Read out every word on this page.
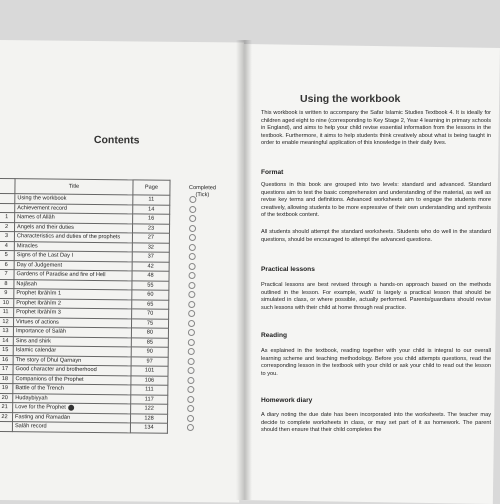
Contents
Completed
(Tick)
	Title	Page	
	Using the workbook	11	
	Achievement record	14	
1	Names of Allāh	16	
2	Angels and their duties	23	
3	Characteristics and duties of the prophets	27	
4	Miracles	32	
5	Signs of the Last Day I	37	
6	Day of Judgement	42	
7	Gardens of Paradise and fire of Hell	48	
8	Najāsah	55	
9	Prophet Ibrāhīm 1	60	
10	Prophet Ibrāhīm 2	65	
11	Prophet Ibrāhīm 3	70	
12	Virtues of actions	75	
13	Importance of Salāh	80	
14	Sins and shirk	85	
15	Islamic calendar	90	
16	The story of Dhul Qarnayn	97	
17	Good character and brotherhood	101	
18	Companions of the Prophet	106	
19	Battle of the Trench	111	
20	Hudaybiyyah	117	
21	Love for the Prophet	122	
22	Fasting and Ramadān	128	
	Salāh record	134	
Using the workbook
This workbook is written to accompany the Safar Islamic Studies Textbook 4. It is ideally for children aged eight to nine (corresponding to Key Stage 2, Year 4 learning in primary schools in England), and aims to help your child revise essential information from the lessons in the textbook. Furthermore, it aims to help students think creatively about what is being taught in order to enable meaningful application of this knowledge in their daily lives.
Format
Questions in this book are grouped into two levels: standard and advanced. Standard questions aim to test the basic comprehension and understanding of the material, as well as revise key terms and definitions. Advanced worksheets aim to engage the students more creatively, allowing students to be more expressive of their own understanding and synthesis of the textbook content.
All students should attempt the standard worksheets. Students who do well in the standard questions, should be encouraged to attempt the advanced questions.
Practical lessons
Practical lessons are best revised through a hands-on approach based on the methods outlined in the lesson. For example, wudū' is largely a practical lesson that should be simulated in class, or where possible, actually performed. Parents/guardians should revise such lessons with their child at home through real practice.
Reading
As explained in the textbook, reading together with your child is integral to our overall learning scheme and teaching methodology. Before you child attempts questions, read the corresponding lesson in the textbook with your child or ask your child to read out the lesson to you.
Homework diary
A diary noting the due date has been incorporated into the worksheets. The teacher may decide to complete worksheets in class, or may set part of it as homework. The parent should then ensure that their child completes the
